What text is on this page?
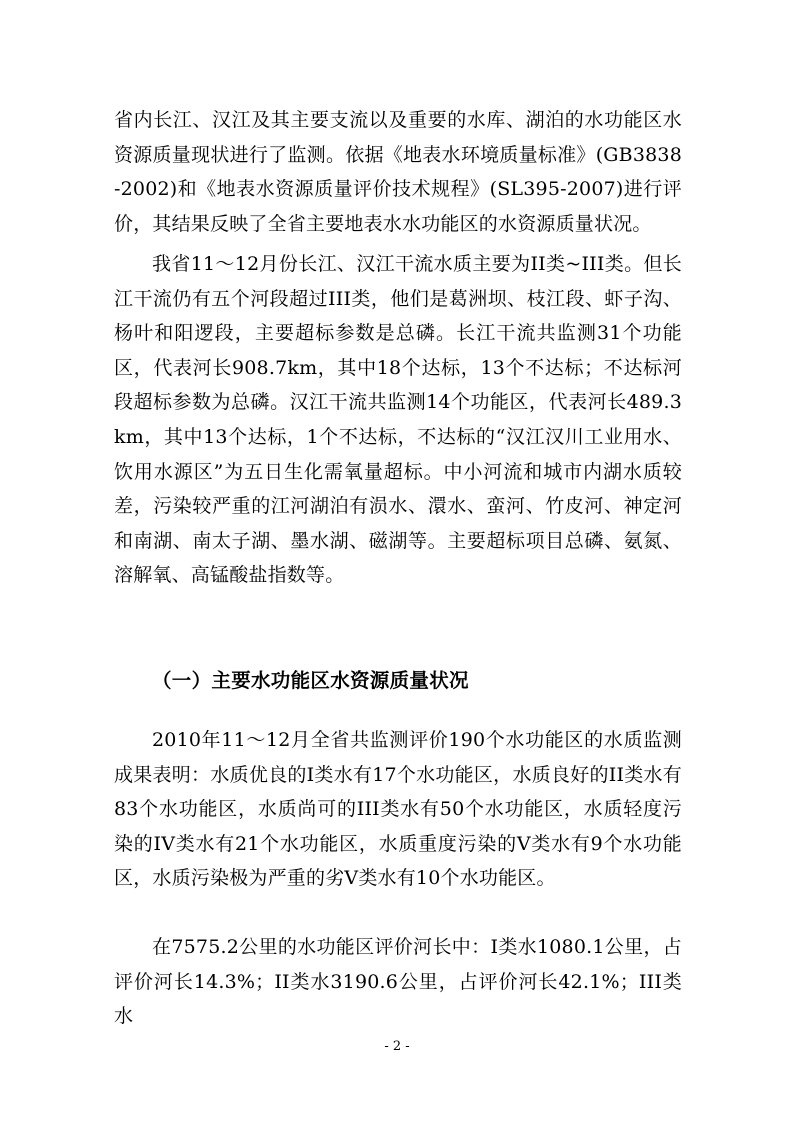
省内长江、汉江及其主要支流以及重要的水库、湖泊的水功能区水资源质量现状进行了监测。依据《地表水环境质量标准》(GB3838-2002)和《地表水资源质量评价技术规程》(SL395-2007)进行评价，其结果反映了全省主要地表水水功能区的水资源质量状况。

我省11～12月份长江、汉江干流水质主要为II类~III类。但长江干流仍有五个河段超过III类，他们是葛洲坝、枝江段、虾子沟、杨叶和阳逻段，主要超标参数是总磷。长江干流共监测31个功能区，代表河长908.7km，其中18个达标，13个不达标；不达标河段超标参数为总磷。汉江干流共监测14个功能区，代表河长489.3km，其中13个达标，1个不达标，不达标的“汉江汉川工业用水、饮用水源区”为五日生化需氧量超标。中小河流和城市内湖水质较差，污染较严重的江河湖泊有涢水、澴水、蛮河、竹皮河、神定河和南湖、南太子湖、墨水湖、磁湖等。主要超标项目总磷、氨氮、溶解氧、高锰酸盐指数等。

（一）主要水功能区水资源质量状况

2010年11～12月全省共监测评价190个水功能区的水质监测成果表明：水质优良的I类水有17个水功能区，水质良好的II类水有83个水功能区，水质尚可的III类水有50个水功能区，水质轻度污染的IV类水有21个水功能区，水质重度污染的V类水有9个水功能区，水质污染极为严重的劣V类水有10个水功能区。

在7575.2公里的水功能区评价河长中：I类水1080.1公里，占评价河长14.3%；II类水3190.6公里，占评价河长42.1%；III类水

- 2 -
